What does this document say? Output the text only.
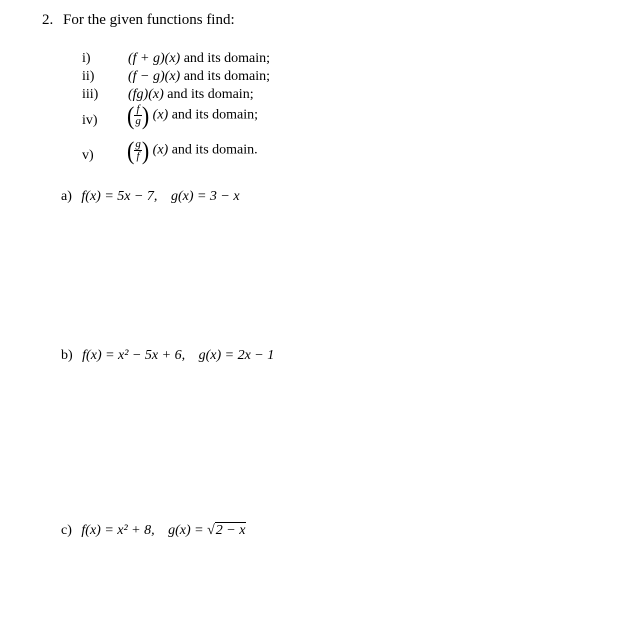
2. For the given functions find:
i)	(f + g)(x) and its domain;
ii) (f − g)(x) and its domain;
iii) (fg)(x) and its domain;
iv) ( $\frac{f}{g}$ ) (x) and its domain;
v) ( $\frac{g}{f}$ ) (x) and its domain.
a) f(x) = 5x − 7, g(x) = 3 − x
b) f(x) = x² − 5x + 6, g(x) = 2x − 1
c) f(x) = x² + 8, g(x) = √2 − x
